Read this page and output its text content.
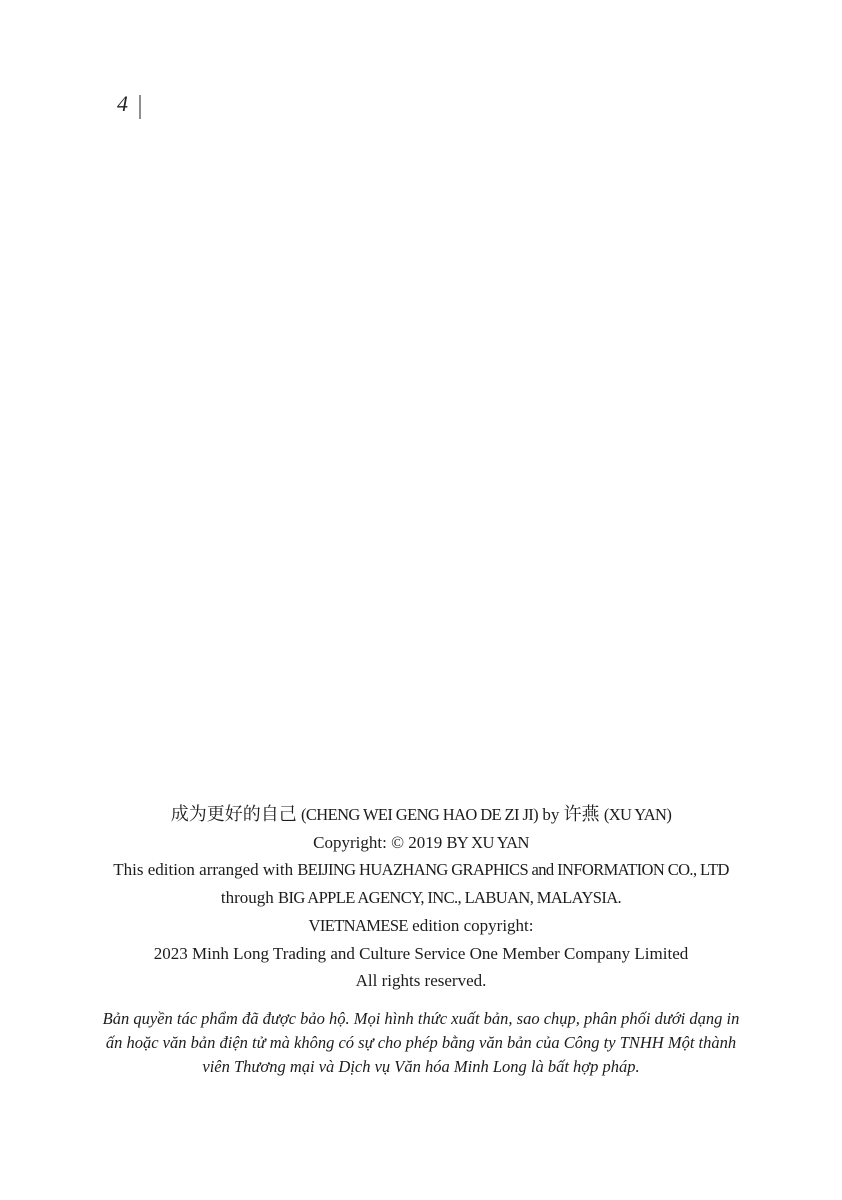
4
成为更好的自己 (CHENG WEI GENG HAO DE ZI JI) by 许燕 (XU YAN)
Copyright: © 2019 BY XU YAN
This edition arranged with BEIJING HUAZHANG GRAPHICS and INFORMATION CO., LTD
through BIG APPLE AGENCY, INC., LABUAN, MALAYSIA.
VIETNAMESE edition copyright:
2023 Minh Long Trading and Culture Service One Member Company Limited
All rights reserved.
Bản quyền tác phẩm đã được bảo hộ. Mọi hình thức xuất bản, sao chụp, phân phối dưới dạng in
ấn hoặc văn bản điện tử mà không có sự cho phép bằng văn bản của Công ty TNHH Một thành
viên Thương mại và Dịch vụ Văn hóa Minh Long là bất hợp pháp.
